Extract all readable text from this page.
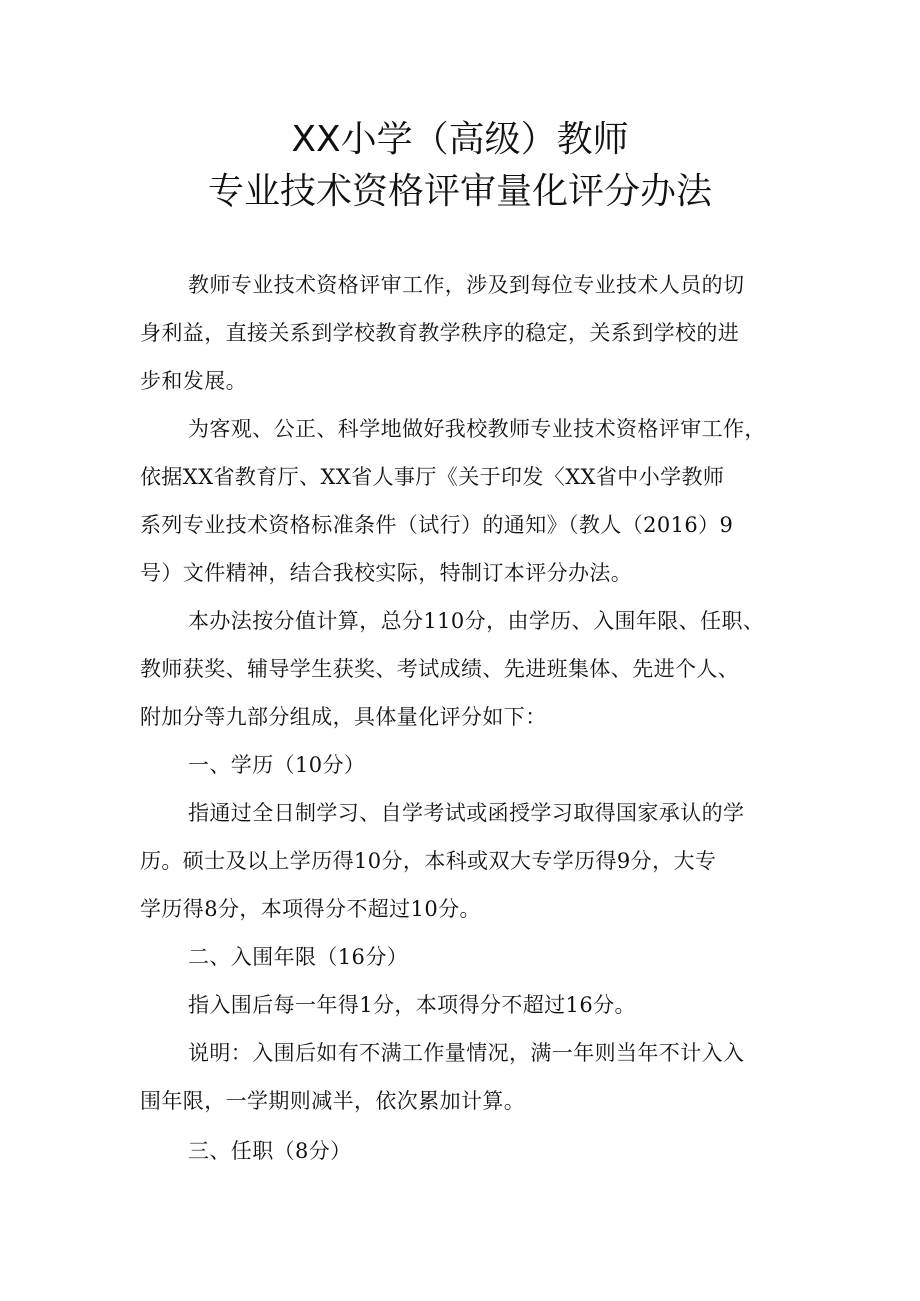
XX小学（高级）教师
专业技术资格评审量化评分办法
教师专业技术资格评审工作，涉及到每位专业技术人员的切
身利益，直接关系到学校教育教学秩序的稳定，关系到学校的进
步和发展。
为客观、公正、科学地做好我校教师专业技术资格评审工作，
依据XX省教育厅、XX省人事厅《关于印发〈XX省中小学教师
系列专业技术资格标准条件（试行）的通知》（教人（2016）9
号）文件精神，结合我校实际，特制订本评分办法。
本办法按分值计算，总分110分，由学历、入围年限、任职、
教师获奖、辅导学生获奖、考试成绩、先进班集体、先进个人、
附加分等九部分组成，具体量化评分如下：
一、学历（10分）
指通过全日制学习、自学考试或函授学习取得国家承认的学
历。硕士及以上学历得10分，本科或双大专学历得9分，大专
学历得8分，本项得分不超过10分。
二、入围年限（16分）
指入围后每一年得1分，本项得分不超过16分。
说明：入围后如有不满工作量情况，满一年则当年不计入入
围年限，一学期则减半，依次累加计算。
三、任职（8分）
